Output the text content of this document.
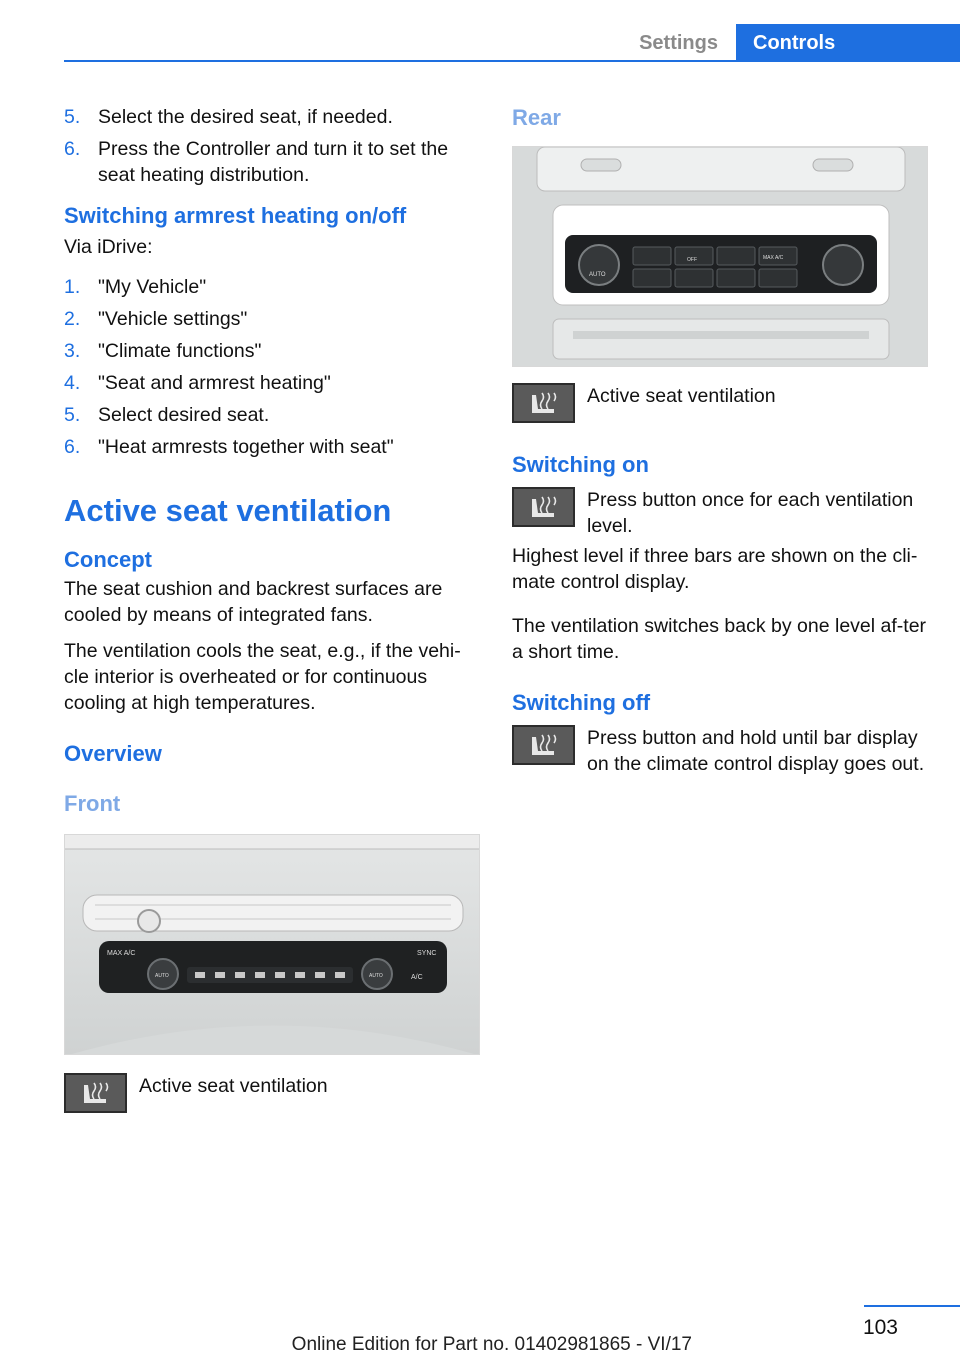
Settings	Controls
5. Select the desired seat, if needed.
6. Press the Controller and turn it to set the seat heating distribution.
Switching armrest heating on/off
Via iDrive:
1. "My Vehicle"
2. "Vehicle settings"
3. "Climate functions"
4. "Seat and armrest heating"
5. Select desired seat.
6. "Heat armrests together with seat"
Active seat ventilation
Concept
The seat cushion and backrest surfaces are cooled by means of integrated fans.
The ventilation cools the seat, e.g., if the vehi‐cle interior is overheated or for continuous cooling at high temperatures.
Overview
Front
MAX A/C
AUTO	AUTO
SYNC
A/C
Active seat ventilation
Rear
AUTO
OFF	MAX A/C
Active seat ventilation
Switching on
Press button once for each ventilation level.
Highest level if three bars are shown on the cli‐mate control display.
The ventilation switches back by one level af‐ter a short time.
Switching off
Press button and hold until bar display on the climate control display goes out.
103
Online Edition for Part no. 01402981865 - VI/17
